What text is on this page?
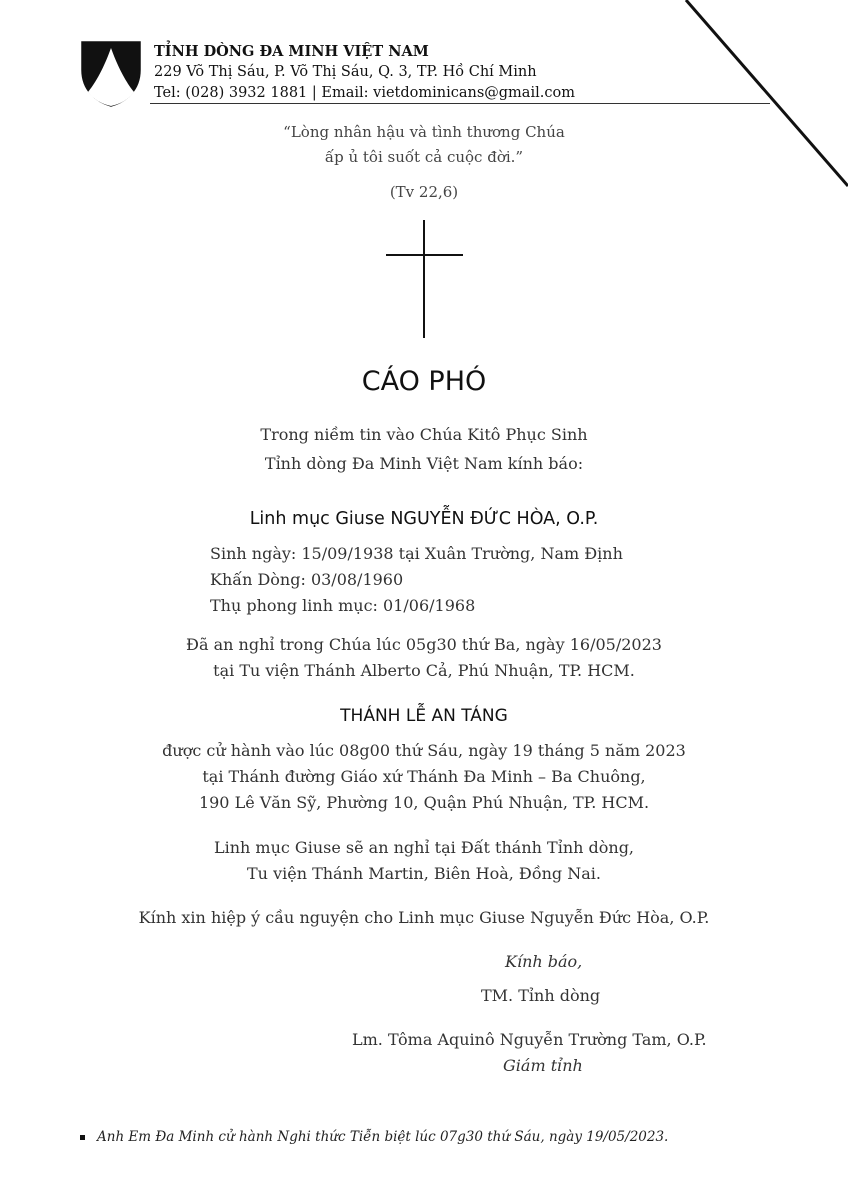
TỈNH DÒNG ĐA MINH VIỆT NAM
229 Võ Thị Sáu, P. Võ Thị Sáu, Q. 3, TP. Hồ Chí Minh
Tel: (028) 3932 1881 | Email: vietdominicans@gmail.com
“Lòng nhân hậu và tình thương Chúa
ấp ủ tôi suốt cả cuộc đời.”
(Tv 22,6)
CÁO PHÓ
Trong niềm tin vào Chúa Kitô Phục Sinh
Tỉnh dòng Đa Minh Việt Nam kính báo:
Linh mục Giuse NGUYỄN ĐỨC HÒA, O.P.
Sinh ngày: 15/09/1938 tại Xuân Trường, Nam Định
Khấn Dòng: 03/08/1960
Thụ phong linh mục: 01/06/1968
Đã an nghỉ trong Chúa lúc 05g30 thứ Ba, ngày 16/05/2023
tại Tu viện Thánh Alberto Cả, Phú Nhuận, TP. HCM.
THÁNH LỄ AN TÁNG
được cử hành vào lúc 08g00 thứ Sáu, ngày 19 tháng 5 năm 2023
tại Thánh đường Giáo xứ Thánh Đa Minh – Ba Chuông,
190 Lê Văn Sỹ, Phường 10, Quận Phú Nhuận, TP. HCM.
Linh mục Giuse sẽ an nghỉ tại Đất thánh Tỉnh dòng,
Tu viện Thánh Martin, Biên Hoà, Đồng Nai.
Kính xin hiệp ý cầu nguyện cho Linh mục Giuse Nguyễn Đức Hòa, O.P.
Kính báo,
TM. Tỉnh dòng
Lm. Tôma Aquinô Nguyễn Trường Tam, O.P.
Giám tỉnh
Anh Em Đa Minh cử hành Nghi thức Tiễn biệt lúc 07g30 thứ Sáu, ngày 19/05/2023.
